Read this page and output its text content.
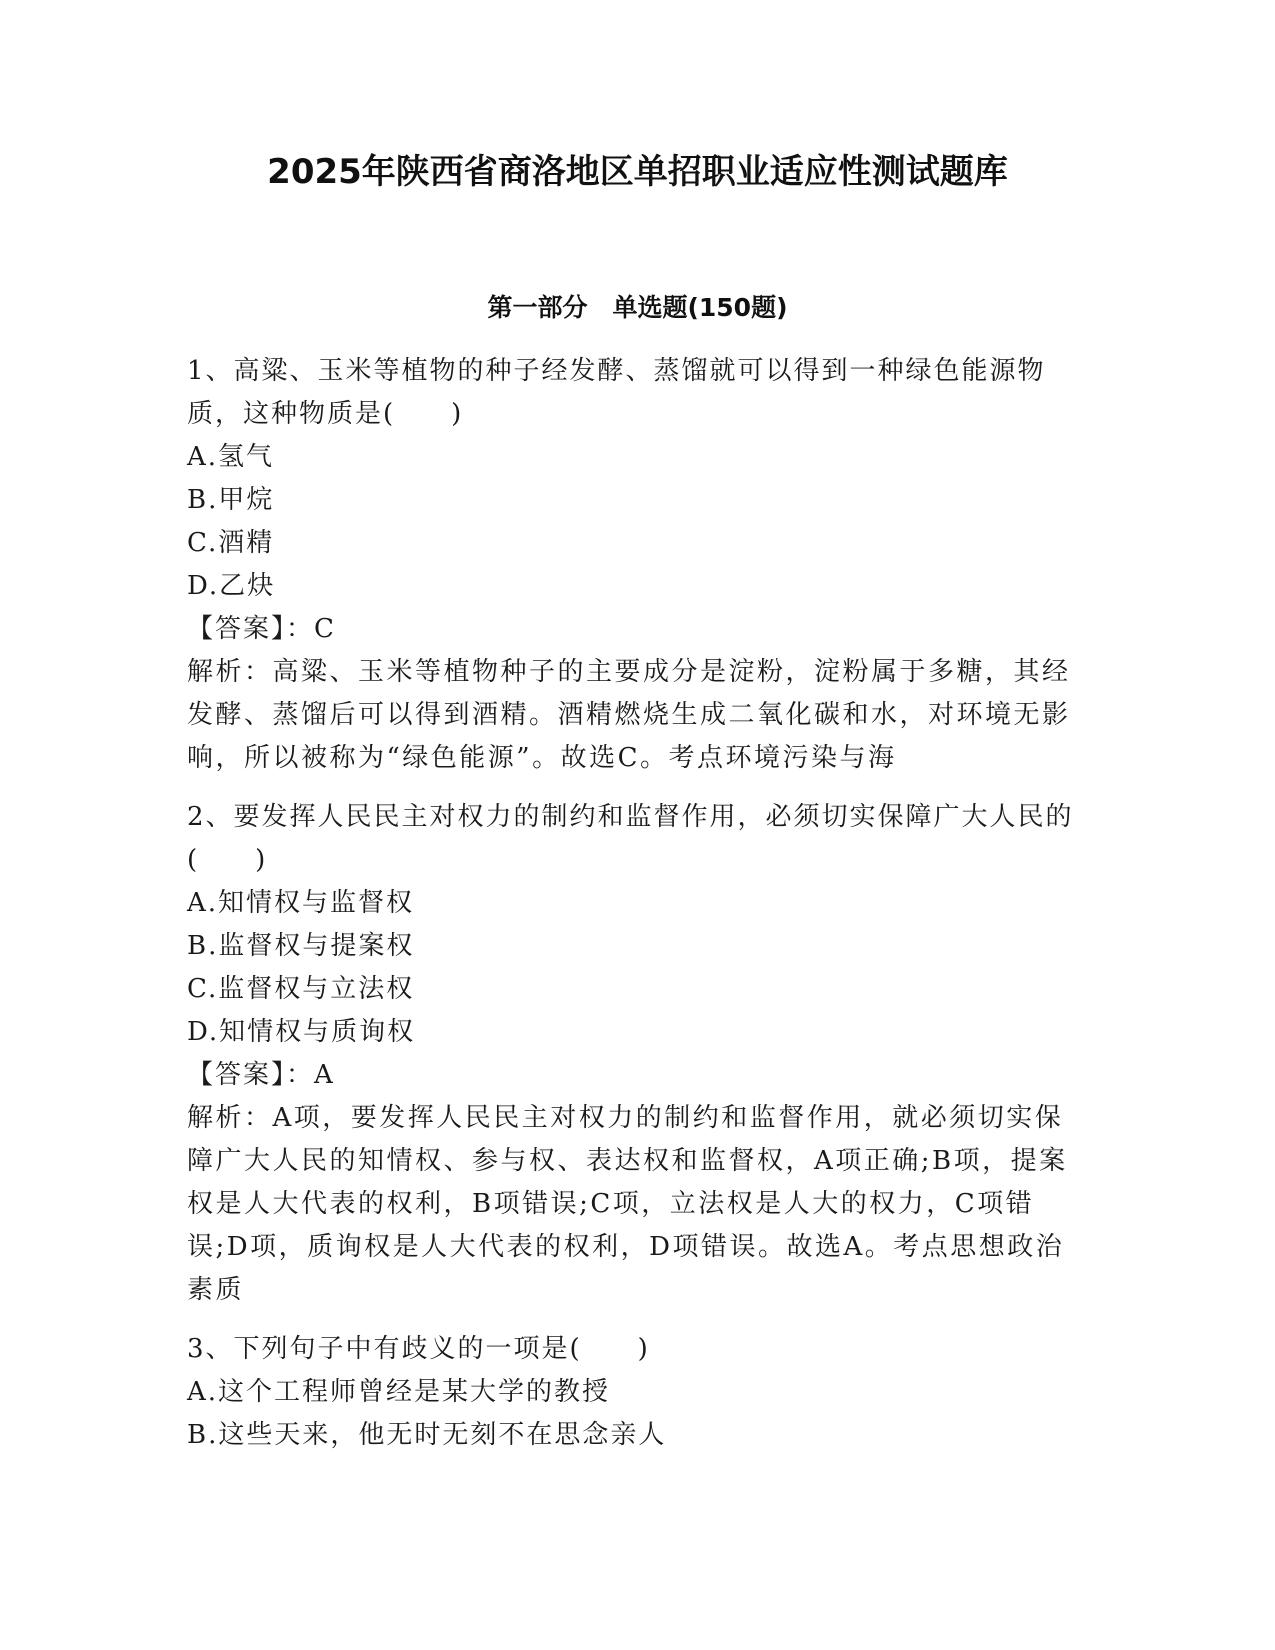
2025年陕西省商洛地区单招职业适应性测试题库
第一部分　单选题(150题)

1、高粱、玉米等植物的种子经发酵、蒸馏就可以得到一种绿色能源物质，这种物质是(　　)

A.氢气

B.甲烷

C.酒精

D.乙炔

【答案】：C

解析：高粱、玉米等植物种子的主要成分是淀粉，淀粉属于多糖，其经发酵、蒸馏后可以得到酒精。酒精燃烧生成二氧化碳和水，对环境无影响，所以被称为“绿色能源”。故选C。考点环境污染与海

2、要发挥人民民主对权力的制约和监督作用，必须切实保障广大人民的(　　)

A.知情权与监督权

B.监督权与提案权

C.监督权与立法权

D.知情权与质询权

【答案】：A

解析：A项，要发挥人民民主对权力的制约和监督作用，就必须切实保障广大人民的知情权、参与权、表达权和监督权，A项正确;B项，提案权是人大代表的权利，B项错误;C项，立法权是人大的权力，C项错误;D项，质询权是人大代表的权利，D项错误。故选A。考点思想政治素质

3、下列句子中有歧义的一项是(　　)

A.这个工程师曾经是某大学的教授

B.这些天来，他无时无刻不在思念亲人
